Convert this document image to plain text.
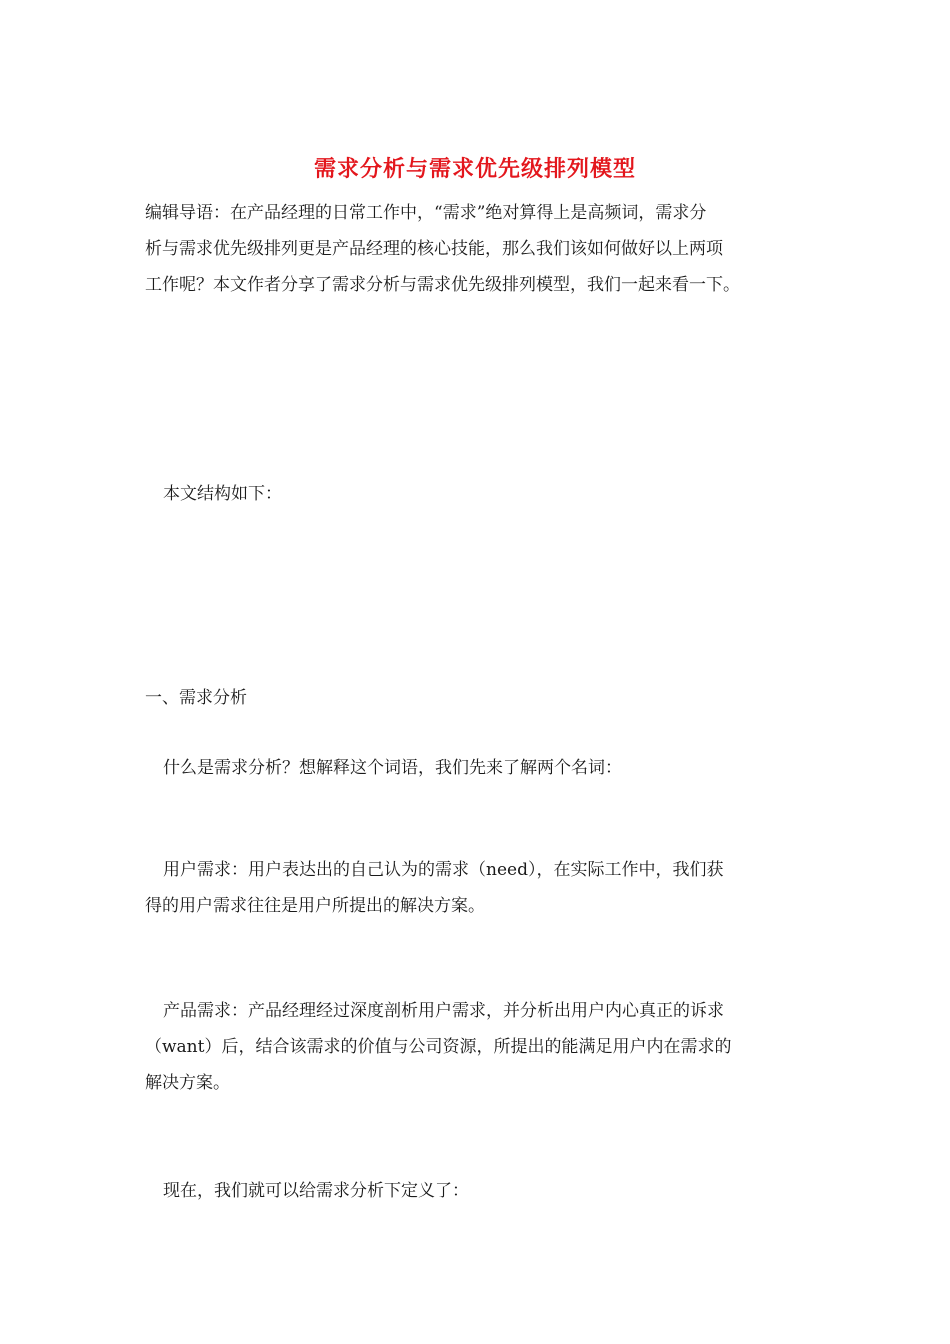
需求分析与需求优先级排列模型
编辑导语：在产品经理的日常工作中，“需求”绝对算得上是高频词，需求分
析与需求优先级排列更是产品经理的核心技能，那么我们该如何做好以上两项
工作呢？本文作者分享了需求分析与需求优先级排列模型，我们一起来看一下。
本文结构如下：
一、需求分析
什么是需求分析？想解释这个词语，我们先来了解两个名词：
用户需求：用户表达出的自己认为的需求（need），在实际工作中，我们获
得的用户需求往往是用户所提出的解决方案。
产品需求：产品经理经过深度剖析用户需求，并分析出用户内心真正的诉求
（want）后，结合该需求的价值与公司资源，所提出的能满足用户内在需求的
解决方案。
现在，我们就可以给需求分析下定义了：
